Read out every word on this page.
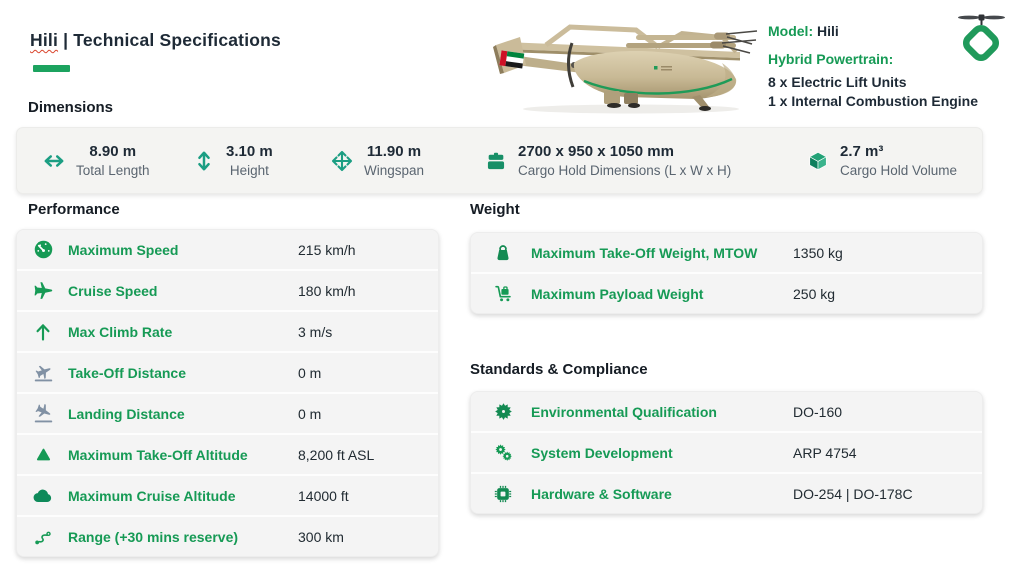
Hili | Technical Specifications	Model: Hili
Hybrid Powertrain:
8 x Electric Lift Units
1 x Internal Combustion Engine
Dimensions
8.90 m
Total Length
3.10 m
Height
11.90 m
Wingspan
2700 x 950 x 1050 mm
Cargo Hold Dimensions (L x W x H)
2.7 m³
Cargo Hold Volume
Performance
Maximum Speed	215 km/h
Cruise Speed	180 km/h
Max Climb Rate	3 m/s
Take-Off Distance	0 m
Landing Distance	0 m
Maximum Take-Off Altitude	8,200 ft ASL
Maximum Cruise Altitude	14000 ft
Range (+30 mins reserve)	300 km
Weight
Maximum Take-Off Weight, MTOW	1350 kg
Maximum Payload Weight	250 kg
Standards & Compliance
Environmental Qualification	DO-160
System Development	ARP 4754
Hardware & Software	DO-254 | DO-178C
